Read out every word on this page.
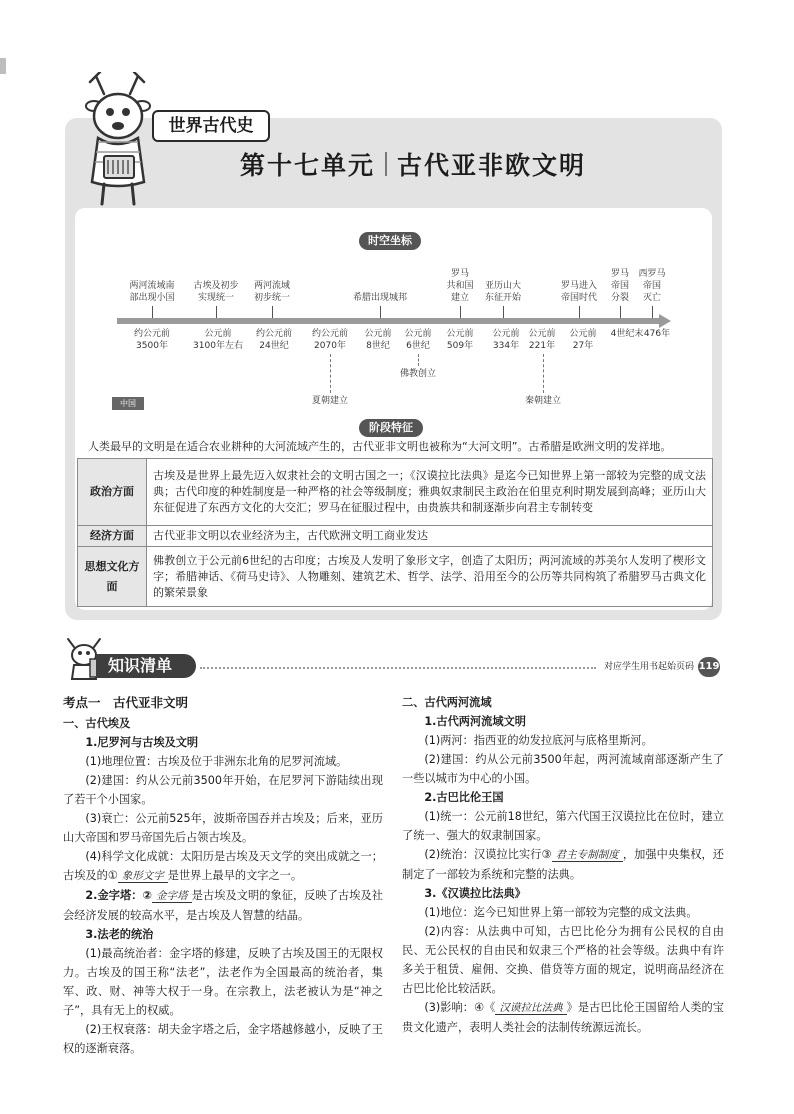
世界古代史
第十七单元 古代亚非欧文明
时空坐标
两河流域南
部出现小国
古埃及初步
实现统一
两河流域
初步统一	希腊出现城邦
罗马
共和国
建立
亚历山大
东征开始
罗马进入
帝国时代
罗马
帝国
分裂
西罗马
帝国
灭亡
约公元前
3500年
公元前
3100年左右
约公元前
24世纪
约公元前
2070年
公元前
8世纪
公元前
6世纪
公元前
509年
公元前
334年
公元前
221年
公元前
27年
4世纪末 476年
佛教创立
夏朝建立	秦朝建立
中国
阶段特征
人类最早的文明是在适合农业耕种的大河流域产生的，古代亚非文明也被称为“大河文明”。古希腊是欧洲文明的发祥地。
政治方面	古埃及是世界上最先迈入奴隶社会的文明古国之一；《汉谟拉比法典》是迄今已知世界上第一部较为完整的成文法典；古代印度的种姓制度是一种严格的社会等级制度；雅典奴隶制民主政治在伯里克利时期发展到高峰；亚历山大东征促进了东西方文化的大交汇；罗马在征服过程中，由贵族共和制逐渐步向君主专制转变
经济方面	古代亚非文明以农业经济为主，古代欧洲文明工商业发达
思想文化方面	佛教创立于公元前6世纪的古印度；古埃及人发明了象形文字，创造了太阳历；两河流域的苏美尔人发明了楔形文字；希腊神话、《荷马史诗》、人物雕刻、建筑艺术、哲学、法学、沿用至今的公历等共同构筑了希腊罗马古典文化的繁荣景象
知识清单	对应学生用书起始页码 119

考点一　古代亚非文明

一、古代埃及

1.尼罗河与古埃及文明

(1)地理位置：古埃及位于非洲东北角的尼罗河流域。

(2)建国：约从公元前3500年开始，在尼罗河下游陆续出现了若干个小国家。

(3)衰亡：公元前525年，波斯帝国吞并古埃及；后来，亚历山大帝国和罗马帝国先后占领古埃及。

(4)科学文化成就：太阳历是古埃及天文学的突出成就之一；古埃及的① 象形文字 是世界上最早的文字之一。

2.金字塔：② 金字塔 是古埃及文明的象征，反映了古埃及社会经济发展的较高水平，是古埃及人智慧的结晶。

3.法老的统治

(1)最高统治者：金字塔的修建，反映了古埃及国王的无限权力。古埃及的国王称“法老”，法老作为全国最高的统治者，集军、政、财、神等大权于一身。在宗教上，法老被认为是“神之子”，具有无上的权威。

(2)王权衰落：胡夫金字塔之后，金字塔越修越小，反映了王权的逐渐衰落。

二、古代两河流域

1.古代两河流域文明

(1)两河：指西亚的幼发拉底河与底格里斯河。

(2)建国：约从公元前3500年起，两河流域南部逐渐产生了一些以城市为中心的小国。

2.古巴比伦王国

(1)统一：公元前18世纪，第六代国王汉谟拉比在位时，建立了统一、强大的奴隶制国家。

(2)统治：汉谟拉比实行③ 君主专制制度 ，加强中央集权，还制定了一部较为系统和完整的法典。

3.《汉谟拉比法典》

(1)地位：迄今已知世界上第一部较为完整的成文法典。

(2)内容：从法典中可知，古巴比伦分为拥有公民权的自由民、无公民权的自由民和奴隶三个严格的社会等级。法典中有许多关于租赁、雇佣、交换、借贷等方面的规定，说明商品经济在古巴比伦比较活跃。

(3)影响：④《 汉谟拉比法典 》是古巴比伦王国留给人类的宝贵文化遗产，表明人类社会的法制传统源远流长。
